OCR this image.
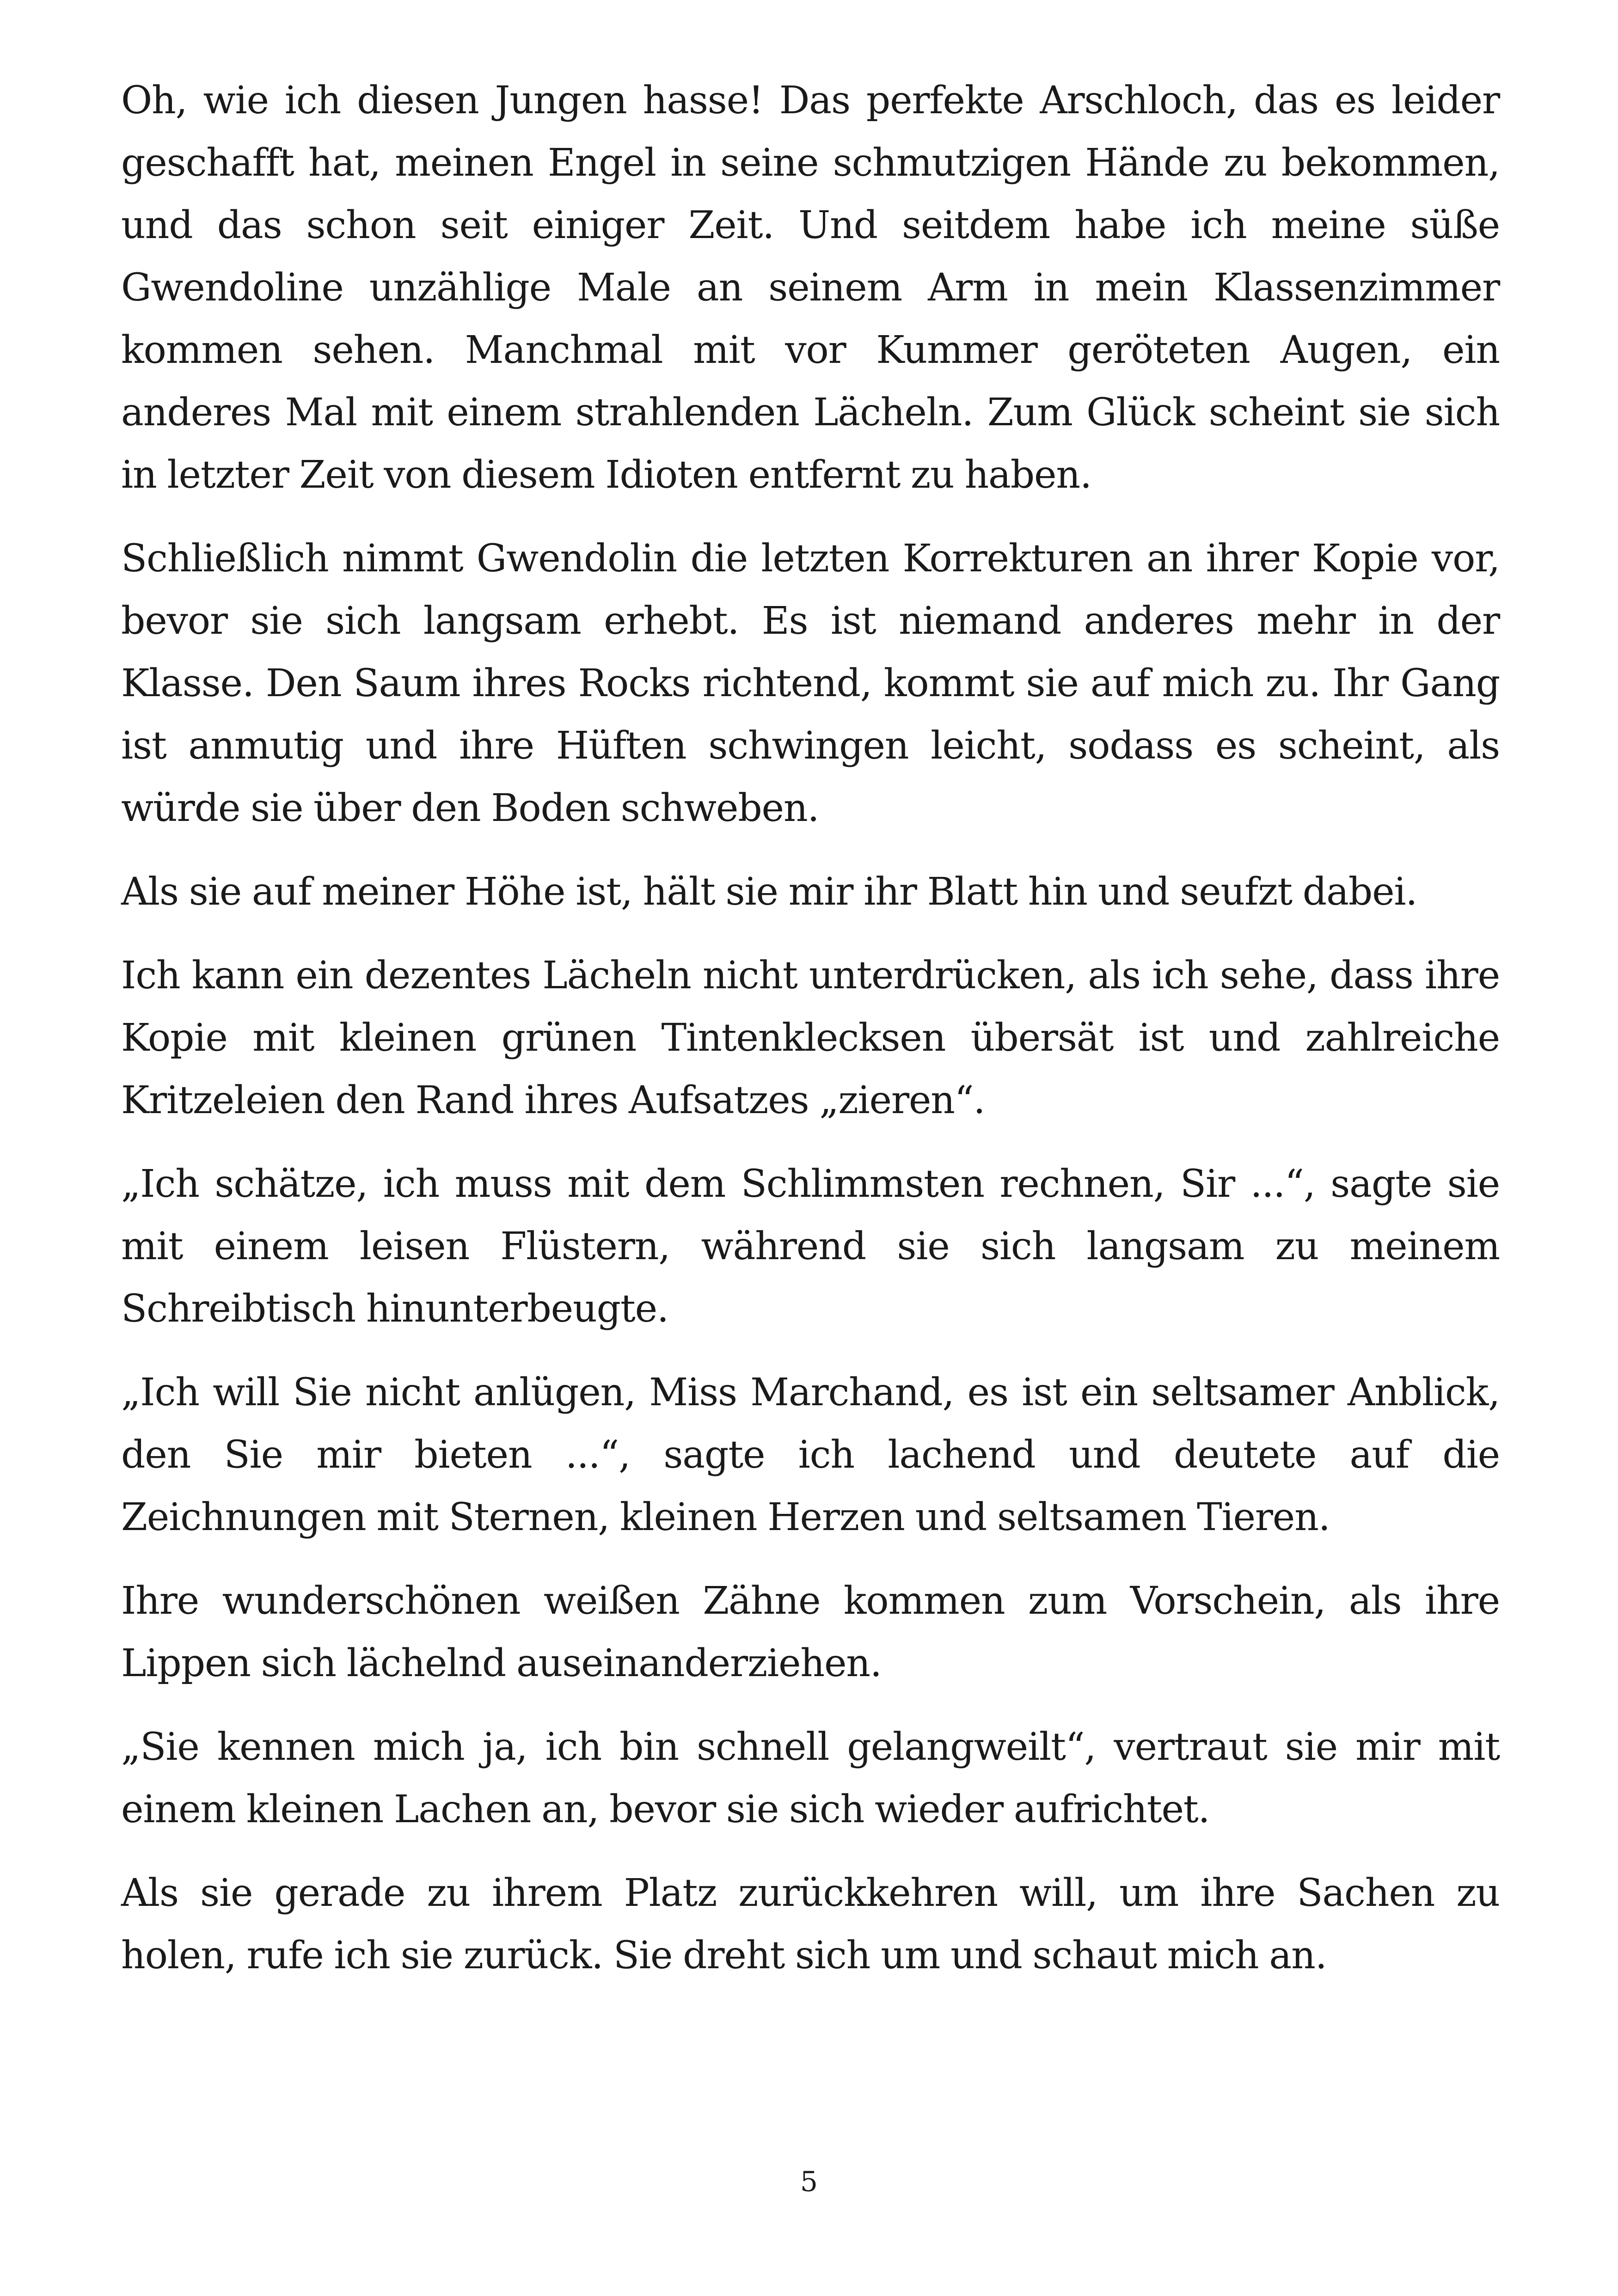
Oh, wie ich diesen Jungen hasse! Das perfekte Arschloch, das es leider geschafft hat, meinen Engel in seine schmutzigen Hände zu bekommen, und das schon seit einiger Zeit. Und seitdem habe ich meine süße Gwendoline unzählige Male an seinem Arm in mein Klassenzimmer kommen sehen. Manchmal mit vor Kummer geröteten Augen, ein anderes Mal mit einem strahlenden Lächeln. Zum Glück scheint sie sich in letzter Zeit von diesem Idioten entfernt zu haben.

Schließlich nimmt Gwendolin die letzten Korrekturen an ihrer Kopie vor, bevor sie sich langsam erhebt. Es ist niemand anderes mehr in der Klasse. Den Saum ihres Rocks richtend, kommt sie auf mich zu. Ihr Gang ist anmutig und ihre Hüften schwingen leicht, sodass es scheint, als würde sie über den Boden schweben.

Als sie auf meiner Höhe ist, hält sie mir ihr Blatt hin und seufzt dabei.

Ich kann ein dezentes Lächeln nicht unterdrücken, als ich sehe, dass ihre Kopie mit kleinen grünen Tintenklecksen übersät ist und zahlreiche Kritzeleien den Rand ihres Aufsatzes „zieren“.

„Ich schätze, ich muss mit dem Schlimmsten rechnen, Sir ...“, sagte sie mit einem leisen Flüstern, während sie sich langsam zu meinem Schreibtisch hinunterbeugte.

„Ich will Sie nicht anlügen, Miss Marchand, es ist ein seltsamer Anblick, den Sie mir bieten ...“, sagte ich lachend und deutete auf die Zeichnungen mit Sternen, kleinen Herzen und seltsamen Tieren.

Ihre wunderschönen weißen Zähne kommen zum Vorschein, als ihre Lippen sich lächelnd auseinanderziehen.

„Sie kennen mich ja, ich bin schnell gelangweilt“, vertraut sie mir mit einem kleinen Lachen an, bevor sie sich wieder aufrichtet.

Als sie gerade zu ihrem Platz zurückkehren will, um ihre Sachen zu holen, rufe ich sie zurück. Sie dreht sich um und schaut mich an.

5
